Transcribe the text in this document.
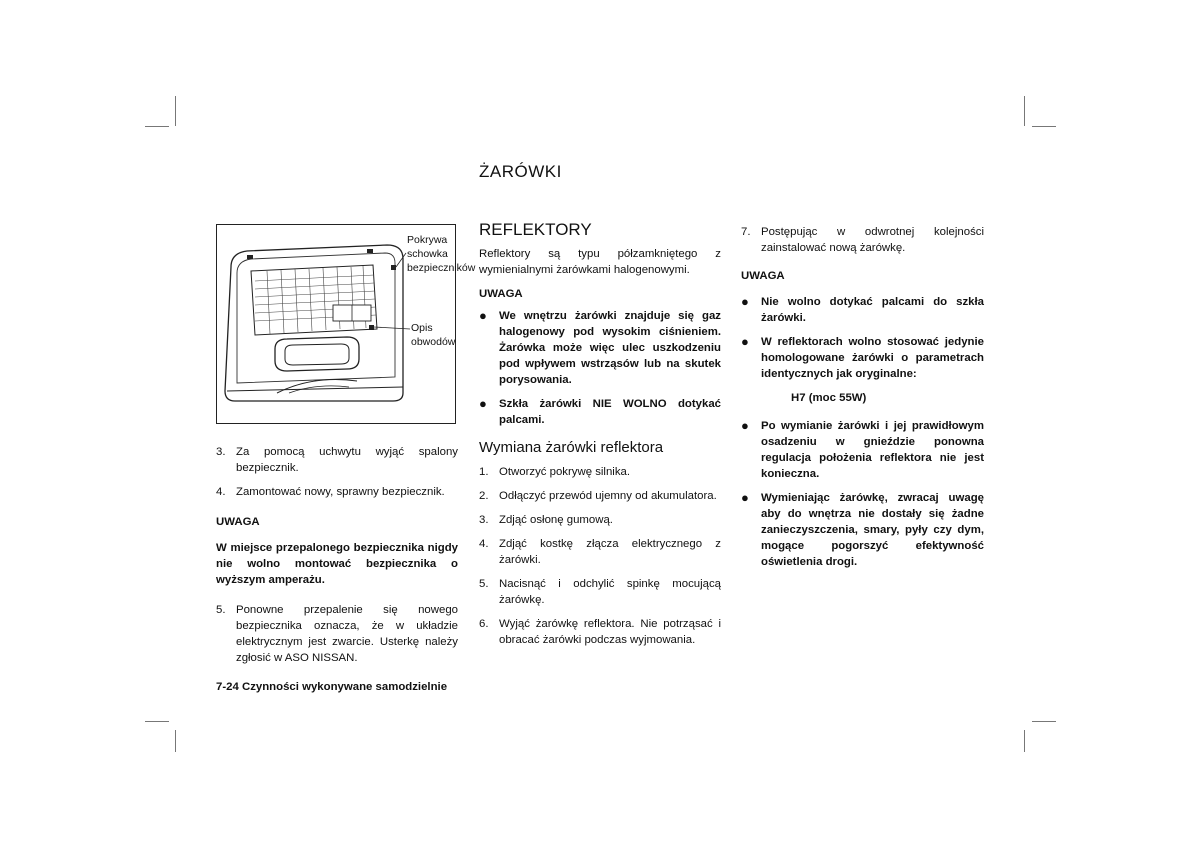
ŻARÓWKI
Pokrywa schowka bezpieczników
Opis obwodów
3. Za pomocą uchwytu wyjąć spalony bezpiecznik.
4. Zamontować nowy, sprawny bezpiecznik.

UWAGA

W miejsce przepalonego bezpiecznika nigdy nie wolno montować bezpiecznika o wyższym amperażu.

5. Ponowne przepalenie się nowego bezpiecznika oznacza, że w układzie elektrycznym jest zwarcie. Usterkę należy zgłosić w ASO NISSAN.
REFLEKTORY

Reflektory są typu półzamkniętego z wymienialnymi żarówkami halogenowymi.

UWAGA

●	We wnętrzu żarówki znajduje się gaz halogenowy pod wysokim ciśnieniem. Żarówka może więc ulec uszkodzeniu pod wpływem wstrząsów lub na skutek porysowania.
●	Szkła żarówki NIE WOLNO dotykać palcami.
Wymiana żarówki reflektora
1. Otworzyć pokrywę silnika.
2. Odłączyć przewód ujemny od akumulatora.
3. Zdjąć osłonę gumową.
4. Zdjąć kostkę złącza elektrycznego z żarówki.
5. Nacisnąć i odchylić spinkę mocującą żarówkę.
6. Wyjąć żarówkę reflektora. Nie potrząsać i obracać żarówki podczas wyjmowania.
7. Postępując w odwrotnej kolejności zainstalować nową żarówkę.

UWAGA

●	Nie wolno dotykać palcami do szkła żarówki.
●	W reflektorach wolno stosować jedynie homologowane żarówki o parametrach identycznych jak oryginalne:

H7 (moc 55W)

●	Po wymianie żarówki i jej prawidłowym osadzeniu w gnieździe ponowna regulacja położenia reflektora nie jest konieczna.
●	Wymieniając żarówkę, zwracaj uwagę aby do wnętrza nie dostały się żadne zanieczyszczenia, smary, pyły czy dym, mogące pogorszyć efektywność oświetlenia drogi.
7-24 Czynności wykonywane samodzielnie
